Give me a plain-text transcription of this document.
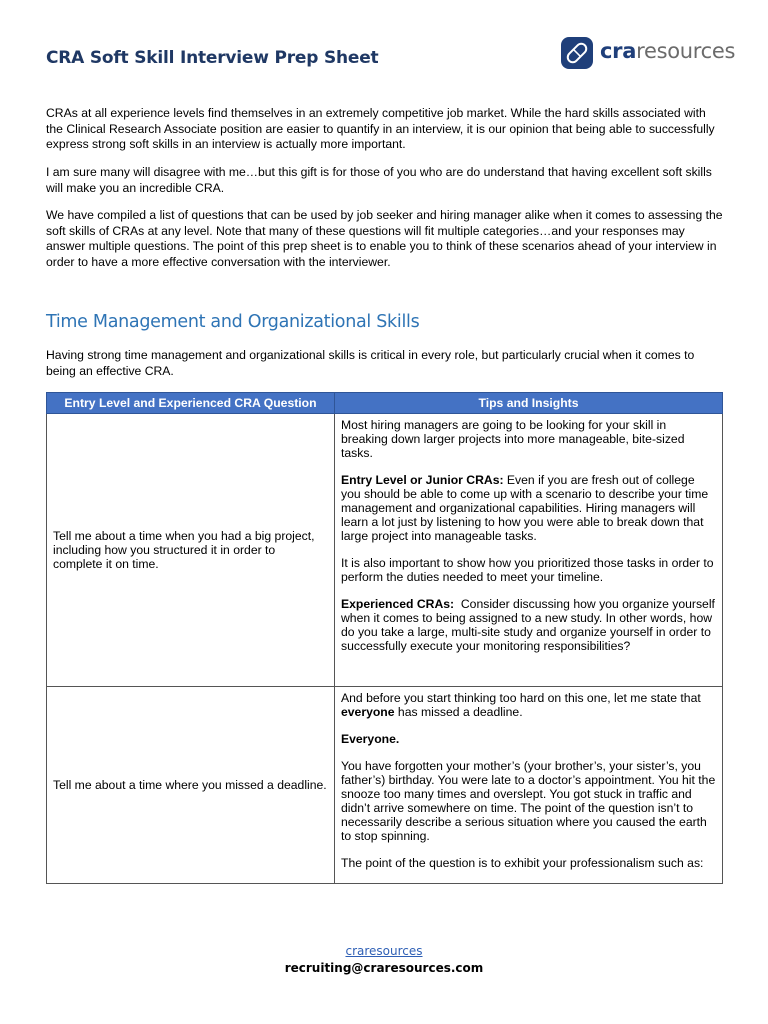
CRA Soft Skill Interview Prep Sheet	craresources

CRAs at all experience levels find themselves in an extremely competitive job market. While the hard skills associated with the Clinical Research Associate position are easier to quantify in an interview, it is our opinion that being able to successfully express strong soft skills in an interview is actually more important.

I am sure many will disagree with me…but this gift is for those of you who are do understand that having excellent soft skills will make you an incredible CRA.

We have compiled a list of questions that can be used by job seeker and hiring manager alike when it comes to assessing the soft skills of CRAs at any level. Note that many of these questions will fit multiple categories…and your responses may answer multiple questions. The point of this prep sheet is to enable you to think of these scenarios ahead of your interview in order to have a more effective conversation with the interviewer.

Time Management and Organizational Skills

Having strong time management and organizational skills is critical in every role, but particularly crucial when it comes to being an effective CRA.

Entry Level and Experienced CRA Question	Tips and Insights
Tell me about a time when you had a big project, including how you structured it in order to complete it on time.	Most hiring managers are going to be looking for your skill in breaking down larger projects into more manageable, bite-sized tasks.

Entry Level or Junior CRAs: Even if you are fresh out of college you should be able to come up with a scenario to describe your time management and organizational capabilities. Hiring managers will learn a lot just by listening to how you were able to break down that large project into manageable tasks.

It is also important to show how you prioritized those tasks in order to perform the duties needed to meet your timeline.

Experienced CRAs:  Consider discussing how you organize yourself when it comes to being assigned to a new study. In other words, how do you take a large, multi-site study and organize yourself in order to successfully execute your monitoring responsibilities?

Tell me about a time where you missed a deadline.	And before you start thinking too hard on this one, let me state that everyone has missed a deadline.

Everyone.

You have forgotten your mother’s (your brother’s, your sister’s, you father’s) birthday. You were late to a doctor’s appointment. You hit the snooze too many times and overslept. You got stuck in traffic and didn’t arrive somewhere on time. The point of the question isn’t to necessarily describe a serious situation where you caused the earth to stop spinning.

The point of the question is to exhibit your professionalism such as:

craresources
recruiting@craresources.com
